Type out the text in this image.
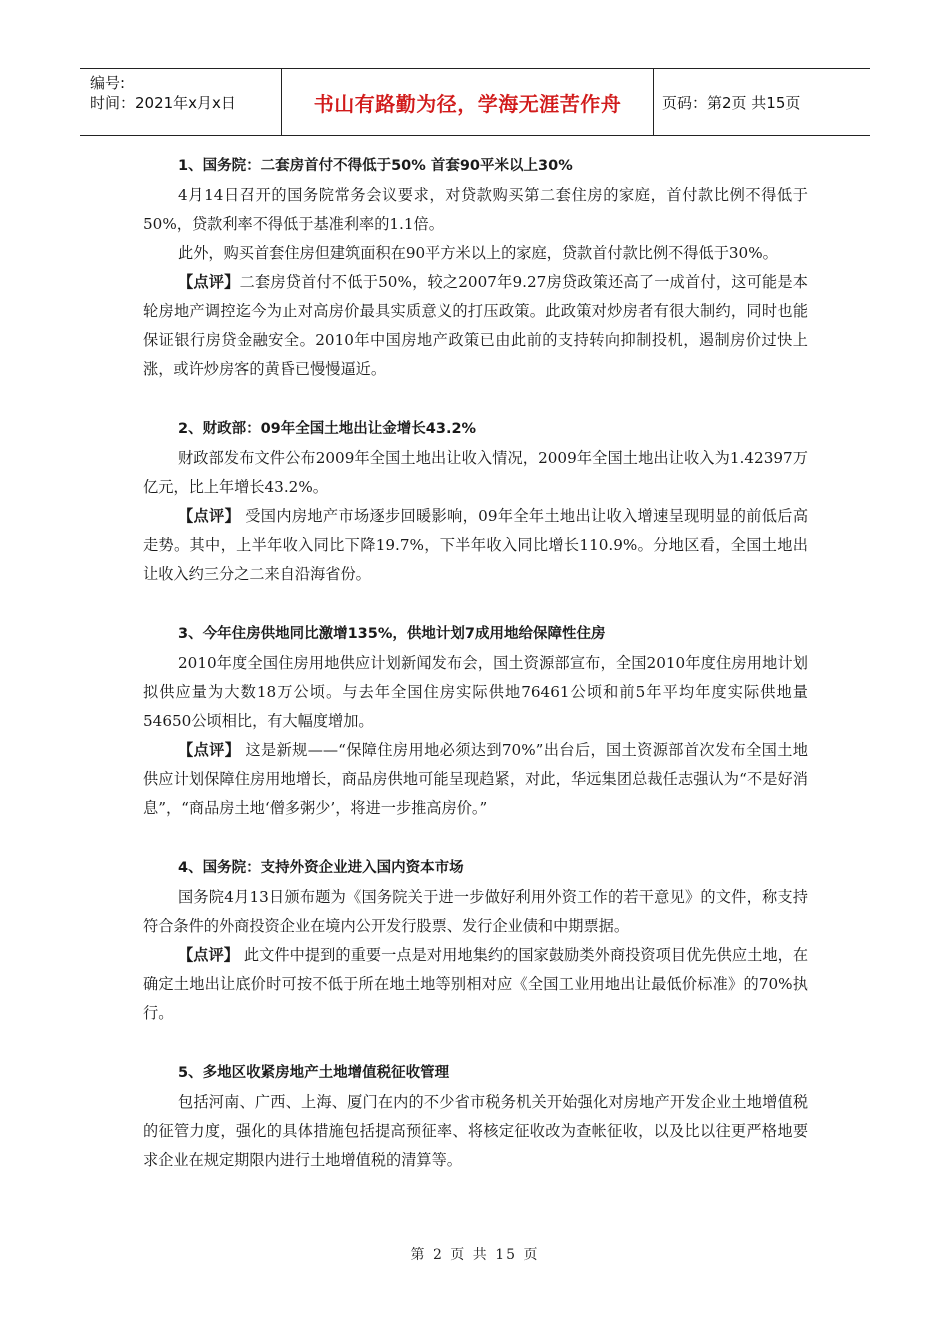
编号:
时间：2021年x月x日	书山有路勤为径，学海无涯苦作舟	页码：第2页 共15页
1、国务院：二套房首付不得低于50% 首套90平米以上30%

4月14日召开的国务院常务会议要求，对贷款购买第二套住房的家庭，首付款比例不得低于50%，贷款利率不得低于基准利率的1.1倍。

此外，购买首套住房但建筑面积在90平方米以上的家庭，贷款首付款比例不得低于30%。

【点评】二套房贷首付不低于50%，较之2007年9.27房贷政策还高了一成首付，这可能是本轮房地产调控迄今为止对高房价最具实质意义的打压政策。此政策对炒房者有很大制约，同时也能保证银行房贷金融安全。2010年中国房地产政策已由此前的支持转向抑制投机，遏制房价过快上涨，或许炒房客的黄昏已慢慢逼近。

2、财政部：09年全国土地出让金增长43.2%

财政部发布文件公布2009年全国土地出让收入情况，2009年全国土地出让收入为1.42397万亿元，比上年增长43.2%。

【点评】 受国内房地产市场逐步回暖影响，09年全年土地出让收入增速呈现明显的前低后高走势。其中，上半年收入同比下降19.7%，下半年收入同比增长110.9%。分地区看，全国土地出让收入约三分之二来自沿海省份。

3、今年住房供地同比激增135%，供地计划7成用地给保障性住房

2010年度全国住房用地供应计划新闻发布会，国土资源部宣布，全国2010年度住房用地计划拟供应量为大数18万公顷。与去年全国住房实际供地76461公顷和前5年平均年度实际供地量54650公顷相比，有大幅度增加。

【点评】 这是新规——“保障住房用地必须达到70%”出台后，国土资源部首次发布全国土地供应计划保障住房用地增长，商品房供地可能呈现趋紧，对此，华远集团总裁任志强认为“不是好消息”，“商品房土地‘僧多粥少’，将进一步推高房价。”

4、国务院：支持外资企业进入国内资本市场

国务院4月13日颁布题为《国务院关于进一步做好利用外资工作的若干意见》的文件，称支持符合条件的外商投资企业在境内公开发行股票、发行企业债和中期票据。

【点评】 此文件中提到的重要一点是对用地集约的国家鼓励类外商投资项目优先供应土地，在确定土地出让底价时可按不低于所在地土地等别相对应《全国工业用地出让最低价标准》的70%执行。

5、多地区收紧房地产土地增值税征收管理

包括河南、广西、上海、厦门在内的不少省市税务机关开始强化对房地产开发企业土地增值税的征管力度，强化的具体措施包括提高预征率、将核定征收改为查帐征收，以及比以往更严格地要求企业在规定期限内进行土地增值税的清算等。

第 2 页 共 15 页
